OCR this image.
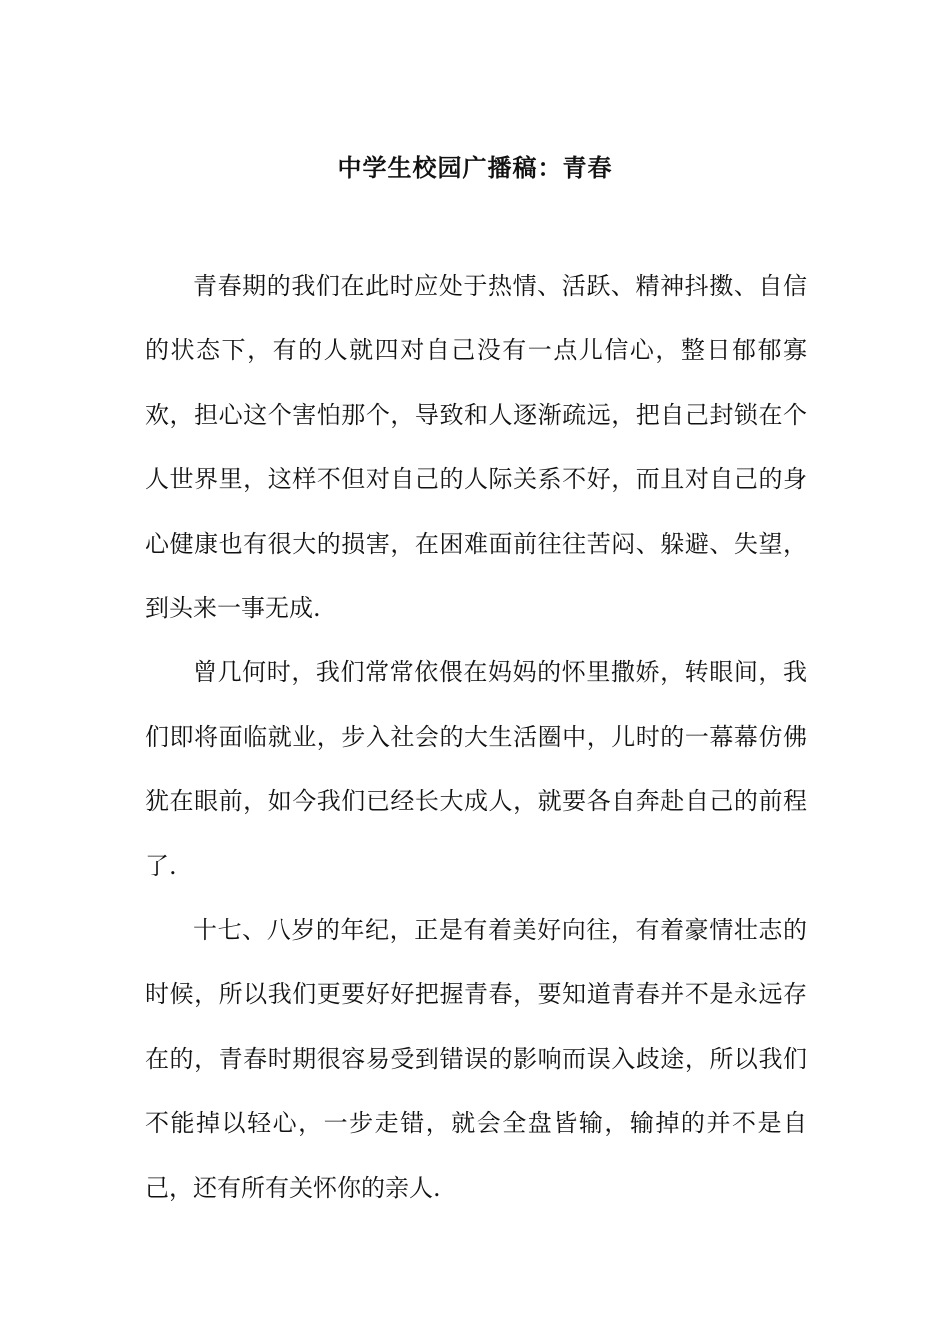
中学生校园广播稿：青春

青春期的我们在此时应处于热情、活跃、精神抖擞、自信的状态下，有的人就四对自己没有一点儿信心，整日郁郁寡欢，担心这个害怕那个，导致和人逐渐疏远，把自己封锁在个人世界里，这样不但对自己的人际关系不好，而且对自己的身心健康也有很大的损害，在困难面前往往苦闷、躲避、失望，到头来一事无成.

曾几何时，我们常常依偎在妈妈的怀里撒娇，转眼间，我们即将面临就业，步入社会的大生活圈中，儿时的一幕幕仿佛犹在眼前，如今我们已经长大成人，就要各自奔赴自己的前程了.

十七、八岁的年纪，正是有着美好向往，有着豪情壮志的时候，所以我们更要好好把握青春，要知道青春并不是永远存在的，青春时期很容易受到错误的影响而误入歧途，所以我们不能掉以轻心，一步走错，就会全盘皆输，输掉的并不是自己，还有所有关怀你的亲人.
